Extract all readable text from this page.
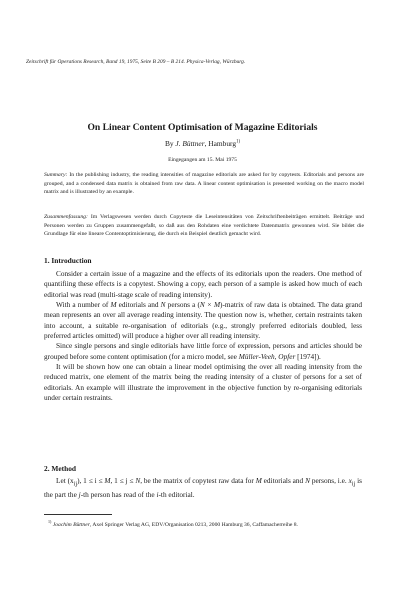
Zeitschrift für Operations Research, Band 19, 1975, Seite B 209 – B 214. Physica-Verlag, Würzburg.
On Linear Content Optimisation of Magazine Editorials
By J. Büttner, Hamburg$^{1)}$
Eingegangen am 15. Mai 1975
Summary: In the publishing industry, the reading intensities of magazine editorials are asked for by copytests. Editorials and persons are grouped, and a condensed data matrix is obtained from raw data. A linear content optimisation is presented working on the macro model matrix and is illustrated by an example.
Zusammenfassung: Im Verlagswesen werden durch Copyteste die Leseintensitäten von Zeitschriftenbeiträgen ermittelt. Beiträge und Personen werden zu Gruppen zusammengefaßt, so daß aus den Rohdaten eine verdichtete Datenmatrix gewonnen wird. Sie bildet die Grundlage für eine lineare Contentoptimisierung, die durch ein Beispiel deutlich gemacht wird.
1. Introduction

Consider a certain issue of a magazine and the effects of its editorials upon the readers. One method of quantifiing these effects is a copytest. Showing a copy, each person of a sample is asked how much of each editorial was read (multi-stage scale of reading intensity).

With a number of M editorials and N persons a (N × M)-matrix of raw data is obtained. The data grand mean represents an over all average reading intensity. The question now is, whether, certain restraints taken into account, a suitable re-organisation of editorials (e.g., strongly preferred editorials doubled, less preferred articles omitted) will produce a higher over all reading intensity.

Since single persons and single editorials have little force of expression, persons and articles should be grouped before some content optimisation (for a micro model, see Müller-Veeh, Opfer [1974]).

It will be shown how one can obtain a linear model optimising the over all reading intensity from the reduced matrix, one element of the matrix being the reading intensity of a cluster of persons for a set of editorials. An example will illustrate the improvement in the objective function by re-organising editorials under certain restraints.

2. Method

Let $(x_{ij})$, 1 ≤ i ≤ M, 1 ≤ j ≤ N, be the matrix of copytest raw data for M editorials and N persons, i.e. $x_{ij}$ is the part the j-th person has read of the i-th editorial.

$^{1)}$ Joachim Büttner, Axel Springer Verlag AG, EDV/Organisation 0213, 2000 Hamburg 36, Caffamacherreihe 8.
